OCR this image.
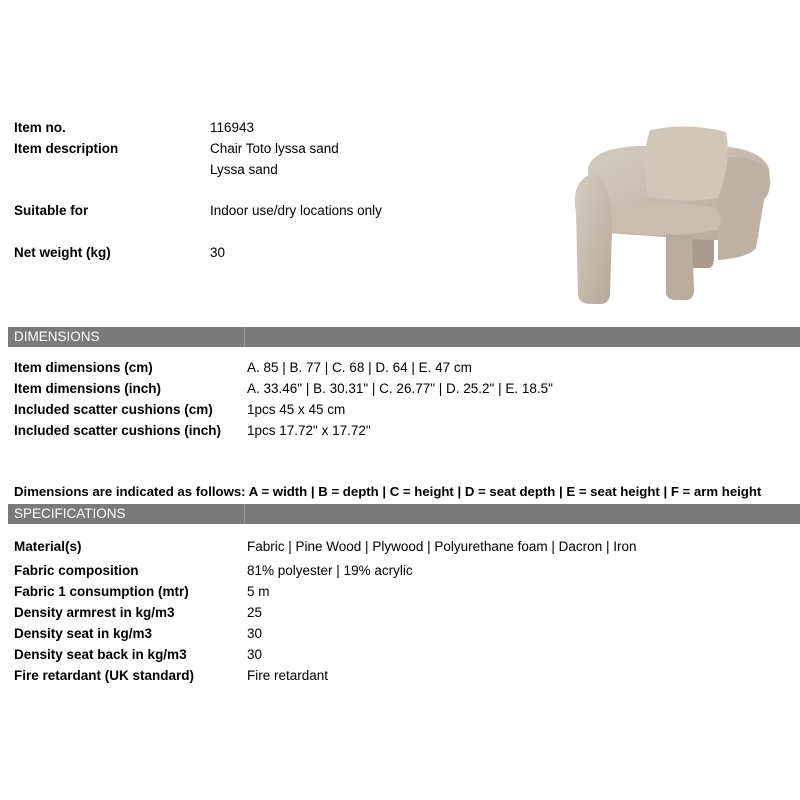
Item no.	116943
Item description	Chair Toto lyssa sand
Lyssa sand
Suitable for	Indoor use/dry locations only
Net weight (kg)	30
DIMENSIONS
Item dimensions (cm)	A. 85 | B. 77 | C. 68 | D. 64 | E. 47 cm
Item dimensions (inch)	A. 33.46" | B. 30.31" | C. 26.77" | D. 25.2" | E. 18.5"
Included scatter cushions (cm)	1pcs 45 x 45 cm
Included scatter cushions (inch) 1pcs 17.72" x 17.72"
Dimensions are indicated as follows: A = width | B = depth | C = height | D = seat depth | E = seat height | F = arm height
SPECIFICATIONS
Material(s)	Fabric | Pine Wood | Plywood | Polyurethane foam | Dacron | Iron
Fabric composition	81% polyester | 19% acrylic
Fabric 1 consumption (mtr)	5 m
Density armrest in kg/m3	25
Density seat in kg/m3	30
Density seat back in kg/m3	30
Fire retardant (UK standard)	Fire retardant
